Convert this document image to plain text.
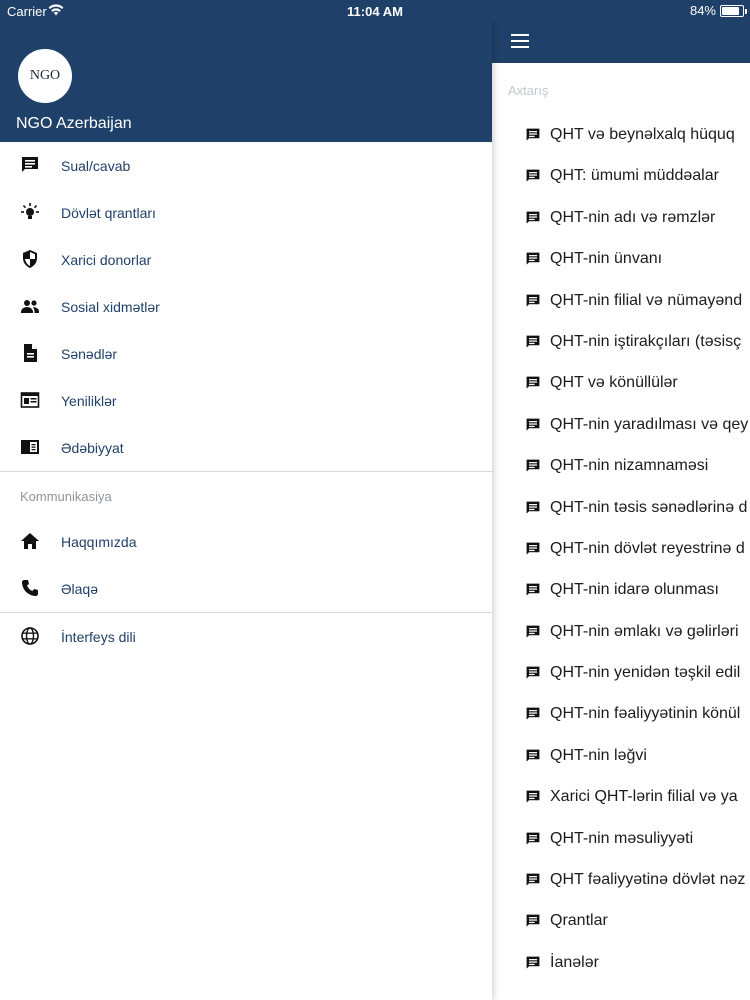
Carrier	11:04 AM	84%
Axtarış
QHT və beynəlxalq hüquq
QHT: ümumi müddəalar
QHT-nin adı və rəmzlər
QHT-nin ünvanı
QHT-nin filial və nümayənd
QHT-nin iştirakçıları (təsisç
QHT və könüllülər
QHT-nin yaradılması və qey
QHT-nin nizamnaməsi
QHT-nin təsis sənədlərinə d
QHT-nin dövlət reyestrinə d
QHT-nin idarə olunması
QHT-nin əmlakı və gəlirləri
QHT-nin yenidən təşkil edil
QHT-nin fəaliyyətinin könül
QHT-nin ləğvi
Xarici QHT-lərin filial və ya
QHT-nin məsuliyyəti
QHT fəaliyyətinə dövlət nəz
Qrantlar
İanələr
NGO
NGO Azerbaijan
Sual/cavab
Dövlət qrantları
Xarici donorlar
Sosial xidmətlər
Sənədlər
Yeniliklər
Ədəbiyyat
Kommunikasiya
Haqqımızda
Əlaqə
İnterfeys dili
